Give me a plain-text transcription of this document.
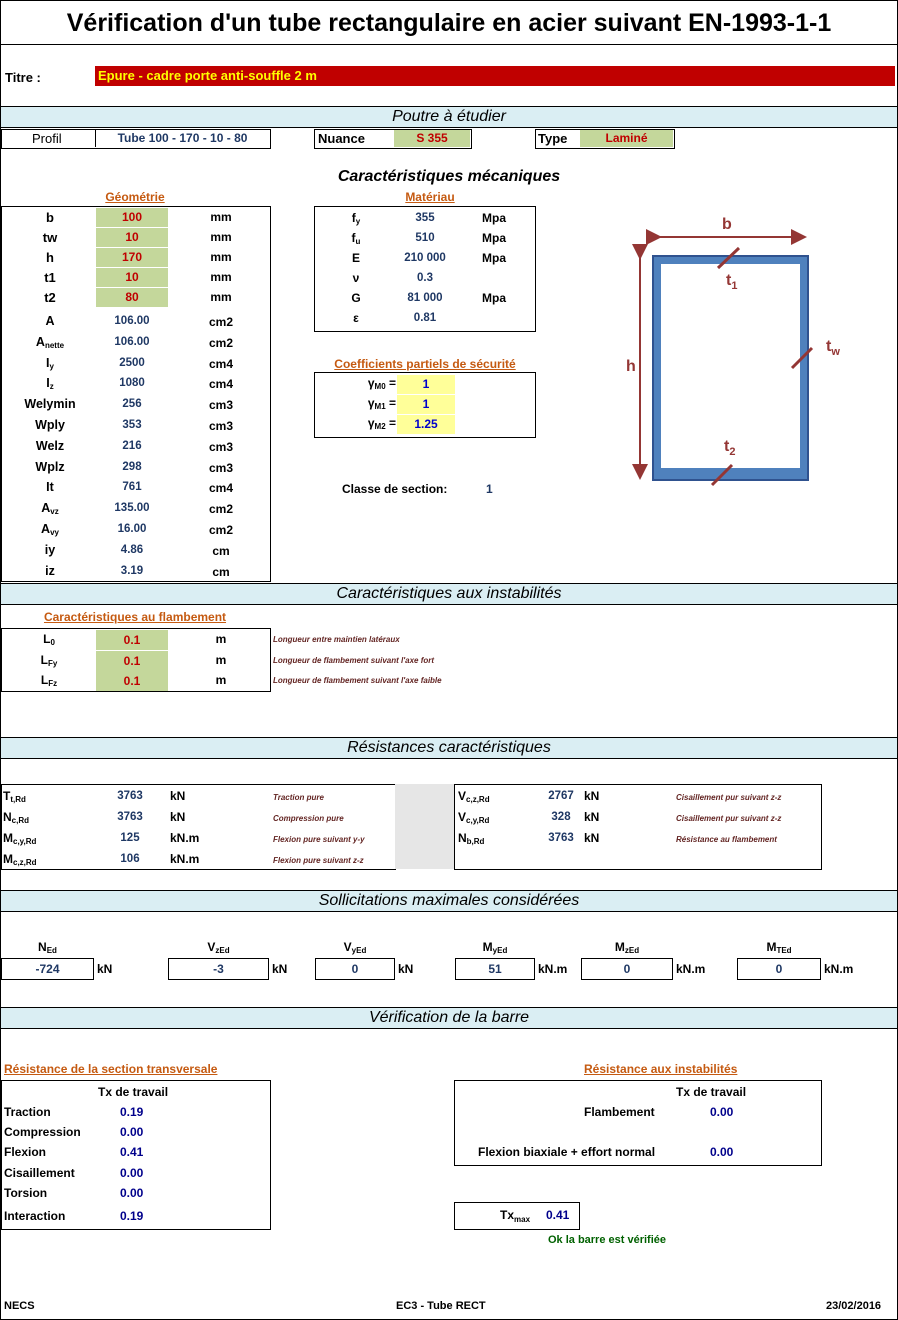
Vérification d'un tube rectangulaire en acier suivant EN-1993-1-1
Titre :	Epure - cadre porte anti-souffle 2 m
Poutre à étudier
Profil	Tube 100 - 170 - 10 - 80	Nuance	S 355	Type	Laminé
Caractéristiques mécaniques
Géométrie	Matériau
b	100	mm
tw	10	mm
h	170	mm
t1	10	mm
t2	80	mm
A	106.00	cm2
$A_{nette}$	106.00	cm2
$I_y$	2500	cm4
$I_z$	1080	cm4
Welymin	256	cm3
Wply	353	cm3
Welz	216	cm3
Wplz	298	cm3
It	761	cm4
$A_{vz}$	135.00	cm2
$A_{vy}$	16.00	cm2
iy	4.86	cm
iz	3.19	cm
$f_y$	355	Mpa
$f_u$	510	Mpa
E	210 000	Mpa
ν	0.3
G	81 000	Mpa
ε	0.81
Coefficients partiels de sécurité
$\gamma_{M0}$ =	1
$\gamma_{M1}$ =	1
$\gamma_{M2}$ =	1.25
Classe de section:	1
b
h
$t_1$
$t_w$
$t_2$
Caractéristiques aux instabilités
Caractéristiques au flambement
$L_0$	0.1	m	Longueur entre maintien latéraux
$L_{Fy}$	0.1	m	Longueur de flambement suivant l'axe fort
$L_{Fz}$	0.1	m	Longueur de flambement suivant l'axe faible
Résistances caractéristiques
$T_{t,Rd}$	3763	kN	Traction pure
$N_{c,Rd}$	3763	kN	Compression pure
$M_{c,y,Rd}$	125	kN.m	Flexion pure suivant y-y
$M_{c,z,Rd}$	106	kN.m	Flexion pure suivant z-z
$V_{c,z,Rd}$	2767 kN	Cisaillement pur suivant z-z
$V_{c,y,Rd}$	328	kN	Cisaillement pur suivant z-z
$N_{b,Rd}$	3763 kN	Résistance au flambement
Sollicitations maximales considérées
$N_{Ed}$
-724	kN
$V_{zEd}$
-3	kN
$V_{yEd}$
0	kN
$M_{yEd}$
51	kN.m
$M_{zEd}$
0	kN.m
$M_{TEd}$
0	kN.m
Vérification de la barre
Résistance de la section transversale	Résistance aux instabilités
Tx de travail
Traction	0.19
Compression	0.00
Flexion	0.41
Cisaillement	0.00
Torsion	0.00
Interaction	0.19
Tx de travail
Flambement	0.00
Flexion biaxiale + effort normal	0.00
$Tx_{max}$ 0.41
Ok la barre est vérifiée
NECS	EC3 - Tube RECT	23/02/2016
